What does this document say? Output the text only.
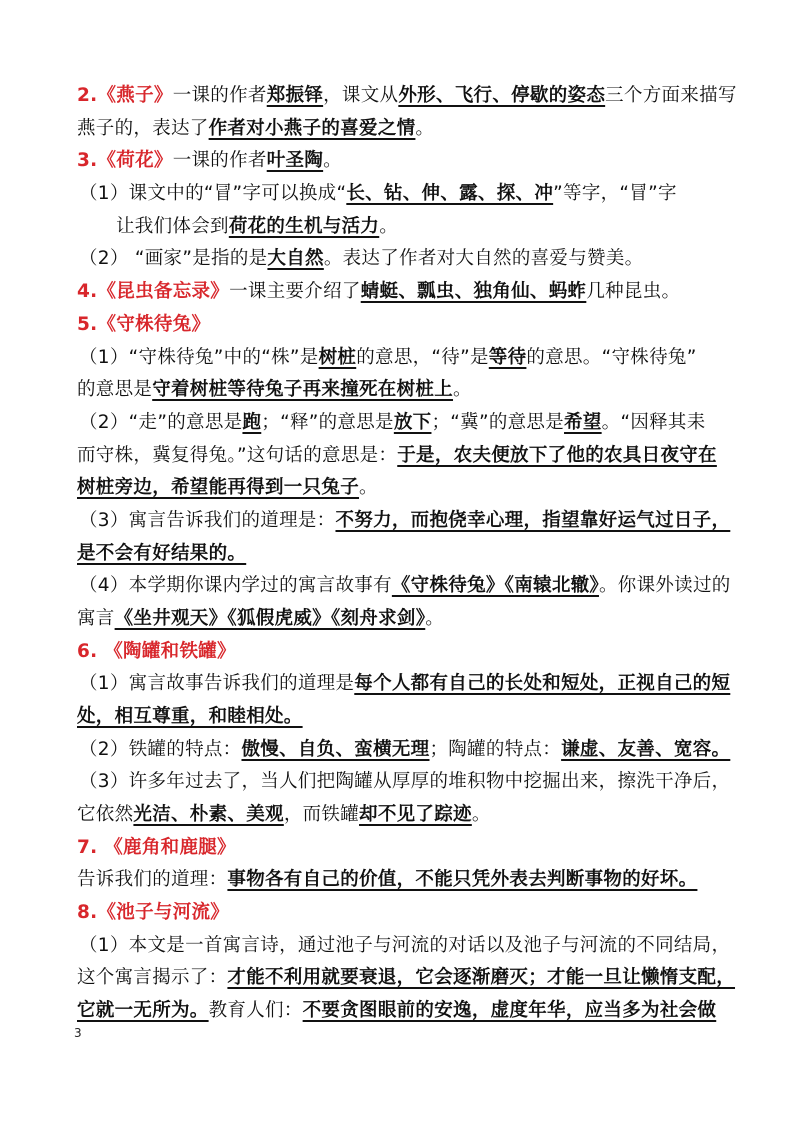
2.《燕子》一课的作者郑振铎，课文从外形、飞行、停歇的姿态三个方面来描写
燕子的，表达了作者对小燕子的喜爱之情。
3.《荷花》一课的作者叶圣陶。
（1）课文中的“冒”字可以换成“长、钻、伸、露、探、冲”等字，“冒”字
让我们体会到荷花的生机与活力。
（2） “画家”是指的是大自然。表达了作者对大自然的喜爱与赞美。
4.《昆虫备忘录》一课主要介绍了蜻蜓、瓢虫、独角仙、蚂蚱几种昆虫。
5.《守株待兔》
（1）“守株待兔”中的“株”是树桩的意思，“待”是等待的意思。“守株待兔”
的意思是守着树桩等待兔子再来撞死在树桩上。
（2）“走”的意思是跑；“释”的意思是放下；“冀”的意思是希望。“因释其耒
而守株，冀复得兔。”这句话的意思是：于是，农夫便放下了他的农具日夜守在
树桩旁边，希望能再得到一只兔子。
（3）寓言告诉我们的道理是：不努力，而抱侥幸心理，指望靠好运气过日子，
是不会有好结果的。
（4）本学期你课内学过的寓言故事有《守株待兔》《南辕北辙》。你课外读过的
寓言《坐井观天》《狐假虎威》《刻舟求剑》。
6. 《陶罐和铁罐》
（1）寓言故事告诉我们的道理是每个人都有自己的长处和短处，正视自己的短
处，相互尊重，和睦相处。
（2）铁罐的特点：傲慢、自负、蛮横无理；陶罐的特点：谦虚、友善、宽容。
（3）许多年过去了，当人们把陶罐从厚厚的堆积物中挖掘出来，擦洗干净后，
它依然光洁、朴素、美观，而铁罐却不见了踪迹。
7. 《鹿角和鹿腿》
告诉我们的道理：事物各有自己的价值，不能只凭外表去判断事物的好坏。
8.《池子与河流》
（1）本文是一首寓言诗，通过池子与河流的对话以及池子与河流的不同结局，
这个寓言揭示了：才能不利用就要衰退，它会逐渐磨灭；才能一旦让懒惰支配，
它就一无所为。教育人们：不要贪图眼前的安逸，虚度年华，应当多为社会做
3
